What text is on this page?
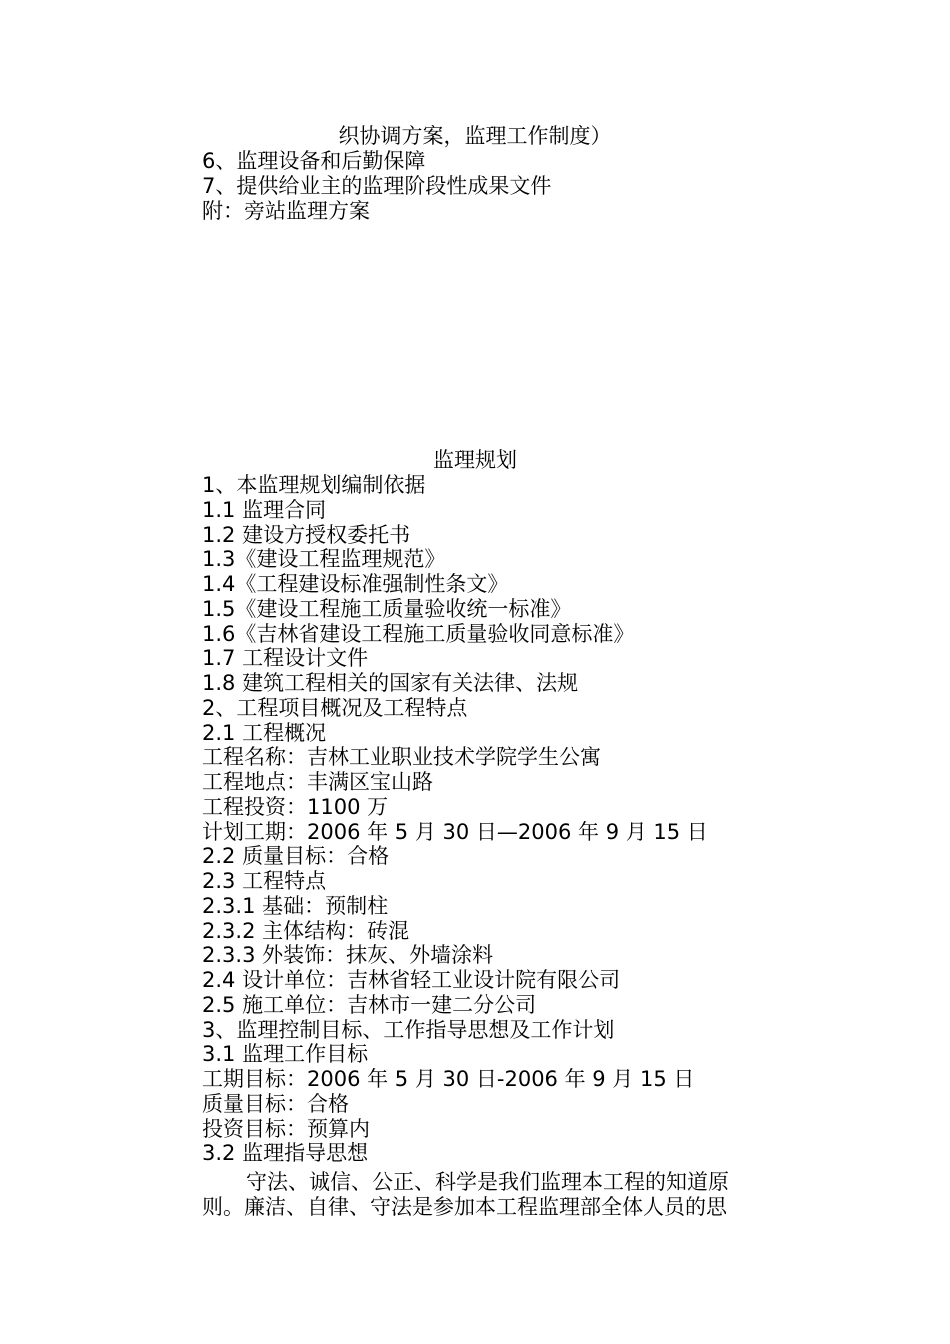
织协调方案，监理工作制度）
6、监理设备和后勤保障
7、提供给业主的监理阶段性成果文件
附：旁站监理方案
监理规划
1、本监理规划编制依据
1.1 监理合同
1.2 建设方授权委托书
1.3《建设工程监理规范》
1.4《工程建设标准强制性条文》
1.5《建设工程施工质量验收统一标准》
1.6《吉林省建设工程施工质量验收同意标准》
1.7 工程设计文件
1.8 建筑工程相关的国家有关法律、法规
2、工程项目概况及工程特点
2.1 工程概况
工程名称：吉林工业职业技术学院学生公寓
工程地点：丰满区宝山路
工程投资：1100 万
计划工期：2006 年 5 月 30 日—2006 年 9 月 15 日
2.2 质量目标：合格
2.3 工程特点
2.3.1 基础：预制柱
2.3.2 主体结构：砖混
2.3.3 外装饰：抹灰、外墙涂料
2.4 设计单位：吉林省轻工业设计院有限公司
2.5 施工单位：吉林市一建二分公司
3、监理控制目标、工作指导思想及工作计划
3.1 监理工作目标
工期目标：2006 年 5 月 30 日-2006 年 9 月 15 日
质量目标：合格
投资目标：预算内
3.2 监理指导思想

守法、诚信、公正、科学是我们监理本工程的知道原

则。廉洁、自律、守法是参加本工程监理部全体人员的思
